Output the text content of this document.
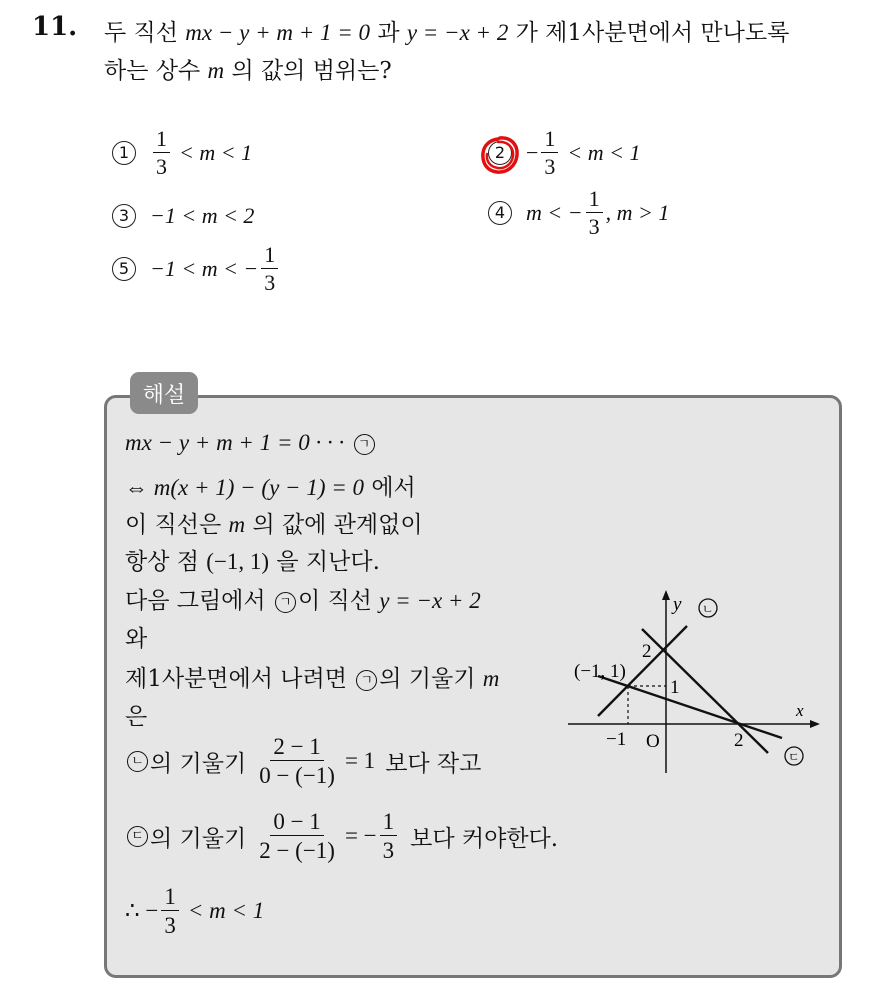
11. 두 직선 mx − y + m + 1 = 0 과 y = −x + 2 가 제1사분면에서 만나도록
하는 상수 m 의 값의 범위는?
1	$\frac{1}{3} < m < 1$	$2 - \frac{1}{3} < m < 1$
3 −1 < m < 2	4 m < − $\frac{1}{3}$ , m > 1
5 −1 < m < − $\frac{1}{3}$
해설
mx − y + m + 1 = 0 · · · ㄱ
⇔ m(x + 1) − (y − 1) = 0 에서
이 직선은 m 의 값에 관계없이
항상 점 (−1, 1) 을 지난다.
다음 그림에서 ㄱ 이 직선 y = −x + 2
와
제1사분면에서 나려면 ㄱ 의 기울기 m
은
ㄴ 의 기울기 $\frac{2 - 1}{0 - (-1)} = 1$ 보다 작고
ㄷ 의 기울기 $\frac{0 - 1}{2 - (-1)}$ = − $\frac{1}{3}$ 보다 커야한다.
∴ − $\frac{1}{3} < m < 1$
y
x
O
−1	2
2
1
(−1, 1)
ㄴ
ㄷ
